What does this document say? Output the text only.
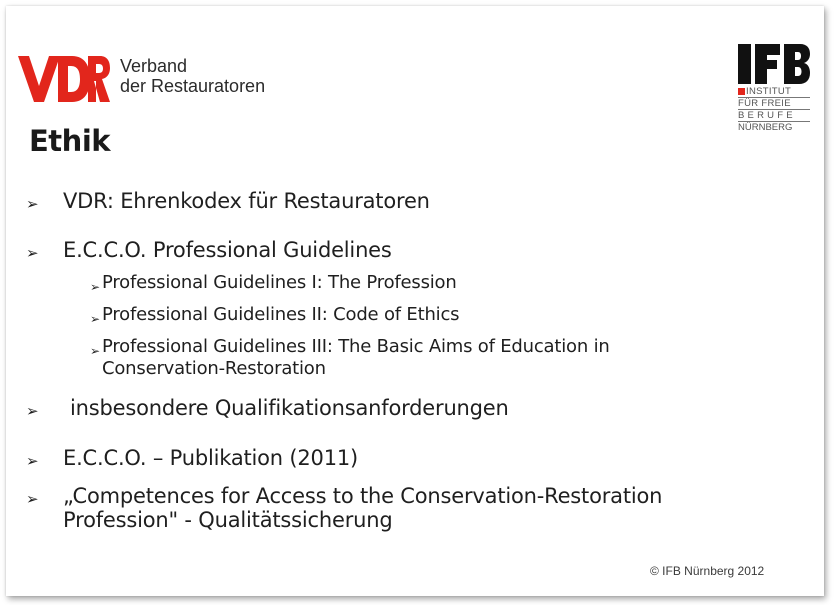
Verband
der Restauratoren	INSTITUT
FÜR FREIE
BERUFE
NÜRNBERG
Ethik
➢ VDR: Ehrenkodex für Restauratoren
➢ E.C.C.O. Professional Guidelines
➢ Professional Guidelines I: The Profession
➢ Professional Guidelines II: Code of Ethics
➢ Professional Guidelines III: The Basic Aims of Education in
Conservation-Restoration
➢ insbesondere Qualifikationsanforderungen
➢ E.C.C.O. – Publikation (2011)
➢ „Competences for Access to the Conservation-Restoration
Profession" - Qualitätssicherung
© IFB Nürnberg 2012
